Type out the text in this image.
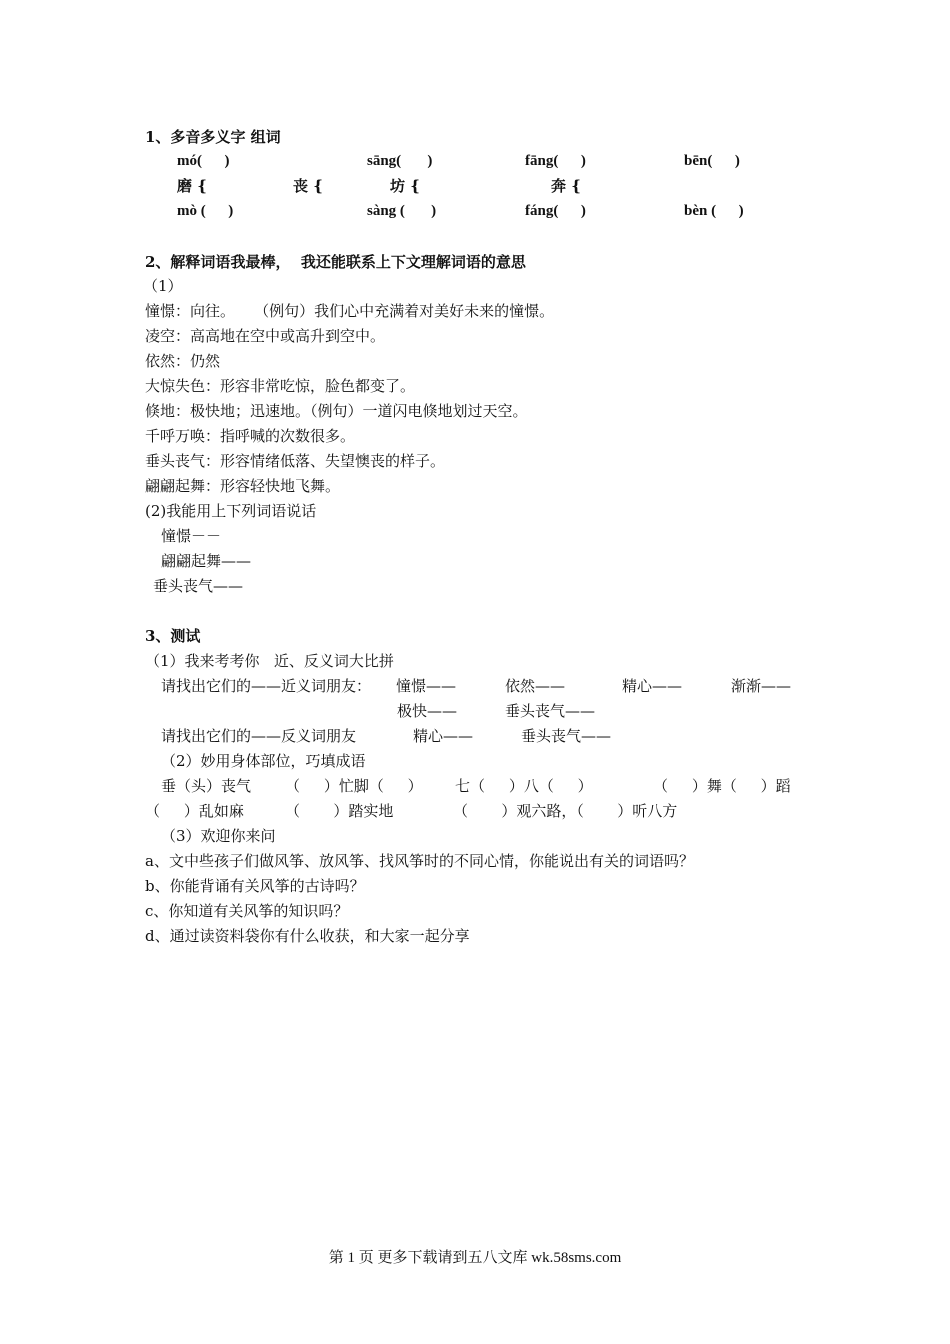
1、多音多义字 组词
mó(      )	sāng(       )	fāng(      )	bēn(      )
磨 {	丧 {	坊 {	奔 {
mò (      )	sàng (       )	fáng(      )	bèn (      )
2、解释词语我最棒，  我还能联系上下文理解词语的意思
（1）
憧憬：向往。    （例句）我们心中充满着对美好未来的憧憬。
凌空：高高地在空中或高升到空中。
依然：仍然
大惊失色：形容非常吃惊，脸色都变了。
倏地：极快地；迅速地。（例句）一道闪电倏地划过天空。
千呼万唤：指呼喊的次数很多。
垂头丧气：形容情绪低落、失望懊丧的样子。
翩翩起舞：形容轻快地飞舞。
(2)我能用上下列词语说话
憧憬－－
翩翩起舞——
垂头丧气——
3、测试
（1）我来考考你   近、反义词大比拼
请找出它们的——近义词朋友： 憧憬——	依然——	精心——	渐渐——
极快——	垂头丧气——
请找出它们的——反义词朋友	精心——	垂头丧气——
（2）妙用身体部位，巧填成语
垂（头）丧气 （     ）忙脚（     ） 七（     ）八（     ）	（     ）舞（     ）蹈
（     ）乱如麻	（       ）踏实地	（       ）观六路，（       ）听八方
（3）欢迎你来问
a、文中些孩子们做风筝、放风筝、找风筝时的不同心情，你能说出有关的词语吗？
b、你能背诵有关风筝的古诗吗？
c、你知道有关风筝的知识吗？
d、通过读资料袋你有什么收获，和大家一起分享
第 1 页 更多下载请到五八文库 wk.58sms.com
